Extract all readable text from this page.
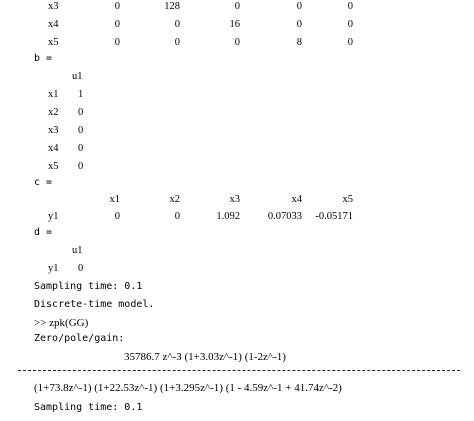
x3	0	128	0	0	0
x4	0	0	16	0	0
x5	0	0	0	8	0
b =
u1
x1 1
x2 0
x3 0
x4 0
x5 0
c =
x1	x2	x3	x4	x5
y1	0	0	1.092	0.07033	-0.05171
d =
u1
y1 0
Sampling time: 0.1
Discrete-time model.
>> zpk(GG)
Zero/pole/gain:
35786.7 z^-3 (1+3.03z^-1) (1-2z^-1)
(1+73.8z^-1) (1+22.53z^-1) (1+3.295z^-1) (1 - 4.59z^-1 + 41.74z^-2)
Sampling time: 0.1
